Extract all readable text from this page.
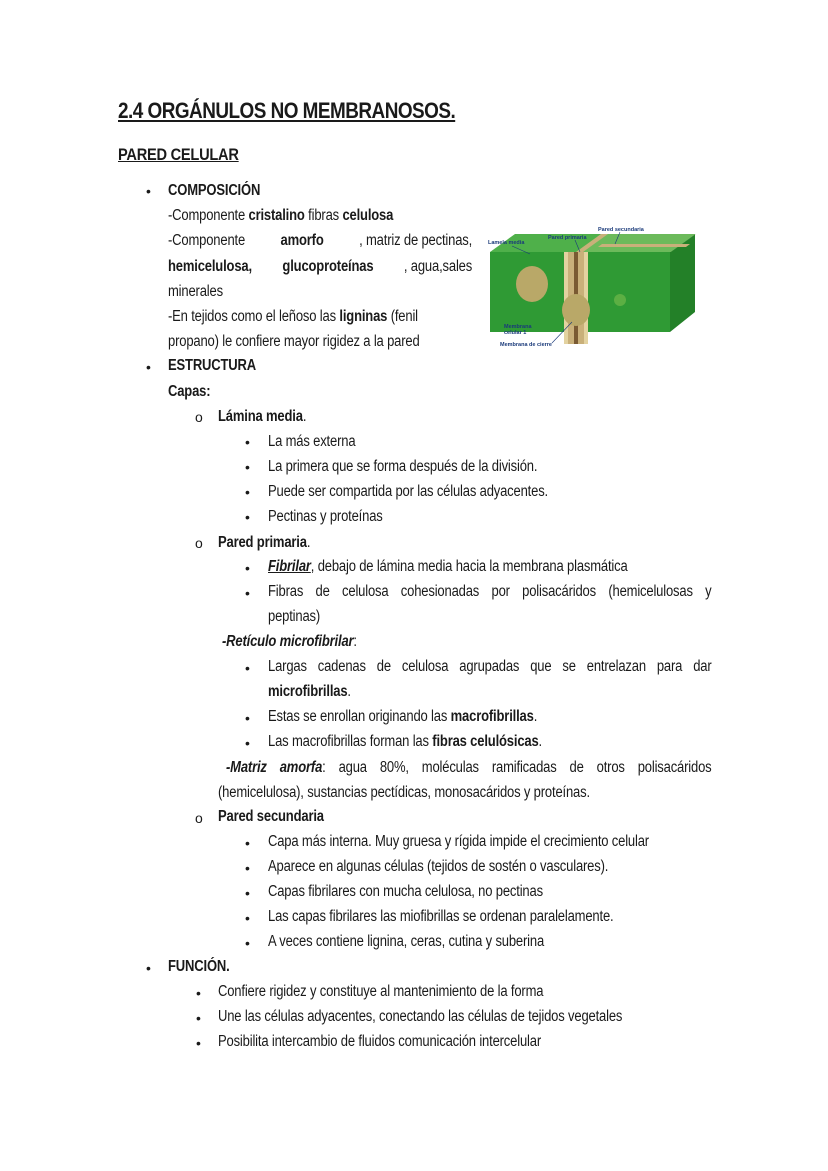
2.4 ORGÁNULOS NO MEMBRANOSOS.
PARED CELULAR
• COMPOSICIÓN
-Componente cristalino fibras celulosa
-Componente amorfo , matriz de pectinas,
hemicelulosa, glucoproteínas , agua,sales
minerales
-En tejidos como el leñoso las ligninas (fenil
propano) le confiere mayor rigidez a la pared
Lamela media
Pared primaria
Pared secundaria
Membrana
celular 1
Membrana de cierre
• ESTRUCTURA
Capas:
o Lámina media.
• La más externa
• La primera que se forma después de la división.
• Puede ser compartida por las células adyacentes.
• Pectinas y proteínas
o Pared primaria.
• Fibrilar, debajo de lámina media hacia la membrana plasmática
• Fibras de celulosa cohesionadas por polisacáridos (hemicelulosas y
peptinas)
-Retículo microfibrilar:
• Largas cadenas de celulosa agrupadas que se entrelazan para dar
microfibrillas.
• Estas se enrollan originando las macrofibrillas.
• Las macrofibrillas forman las fibras celulósicas.
-Matriz amorfa: agua 80%, moléculas ramificadas de otros polisacáridos
(hemicelulosa), sustancias pectídicas, monosacáridos y proteínas.
o Pared secundaria
• Capa más interna. Muy gruesa y rígida impide el crecimiento celular
• Aparece en algunas células (tejidos de sostén o vasculares).
• Capas fibrilares con mucha celulosa, no pectinas
• Las capas fibrilares las miofibrillas se ordenan paralelamente.
• A veces contiene lignina, ceras, cutina y suberina
• FUNCIÓN.
• Confiere rigidez y constituye al mantenimiento de la forma
• Une las células adyacentes, conectando las células de tejidos vegetales
• Posibilita intercambio de fluidos comunicación intercelular
